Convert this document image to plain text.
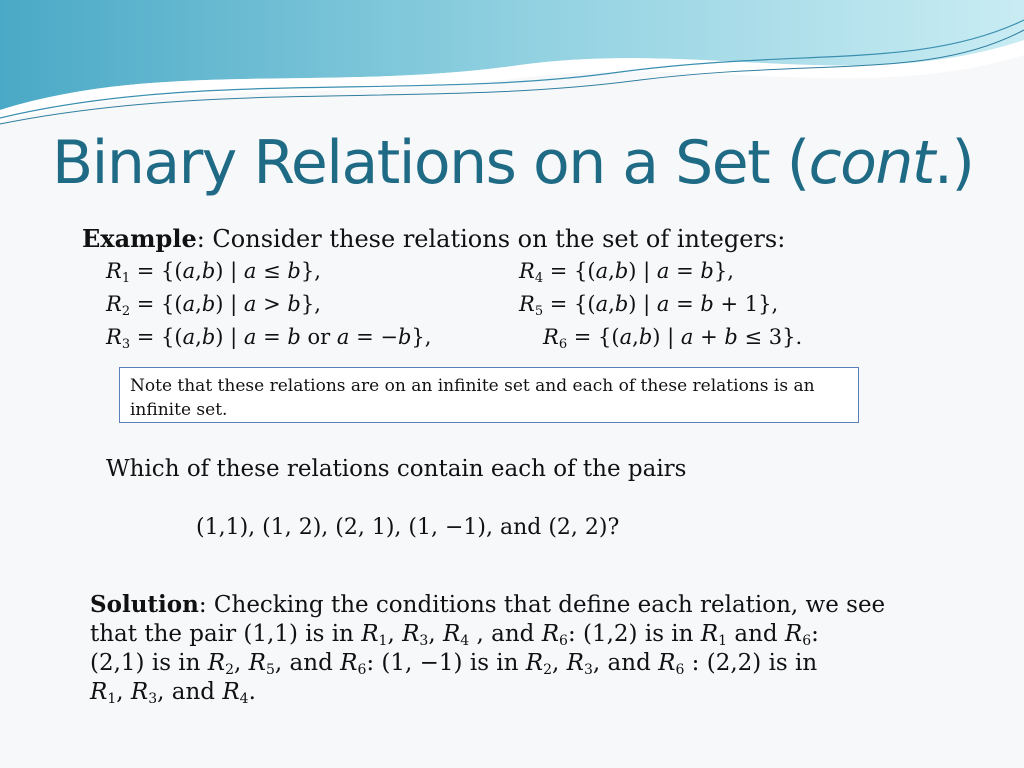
Binary Relations on a Set (cont.)
Example: Consider these relations on the set of integers:
$R_1 = \{(a,b)$ | a ≤ b},
$R_2 = \{(a,b)$ | a > b},
$R_3 = \{(a,b)$ | a = b or a = −b},
$R_4 = \{(a,b)$ | a = b},
$R_5 = \{(a,b)$ | a = b + 1},
$R_6 = \{(a,b)$ | a + b ≤ 3}.
Note that these relations are on an infinite set and each of these relations is an infinite set.
Which of these relations contain each of the pairs
(1,1), (1, 2), (2, 1), (1, −1), and (2, 2)?
Solution: Checking the conditions that define each relation, we see
that the pair (1,1) is in $R_1$, $R_3$, $R_4$ , and $R_6$: (1,2) is in $R_1$ and $R_6$:
(2,1) is in $R_2$, $R_5$, and $R_6$: (1, −1) is in $R_2$, $R_3$, and $R_6$ : (2,2) is in
$R_1$, $R_3$, and $R_4$.
